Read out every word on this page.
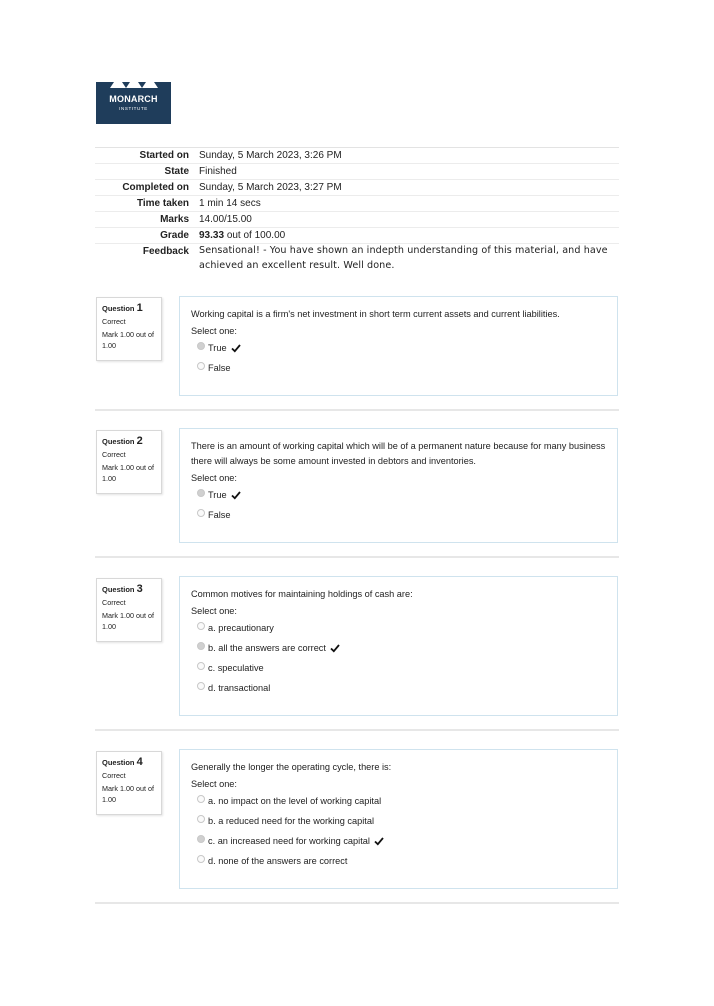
MONARCH
INSTITUTE
Started on	Sunday, 5 March 2023, 3:26 PM
State	Finished
Completed on	Sunday, 5 March 2023, 3:27 PM
Time taken	1 min 14 secs
Marks	14.00/15.00
Grade	93.33 out of 100.00
Feedback	Sensational! - You have shown an indepth understanding of this material, and have
achieved an excellent result. Well done.
Question 1
Correct
Mark 1.00 out of 1.00
Working capital is a firm's net investment in short term current assets and current liabilities.
Select one:
True
False
Question 2
Correct
Mark 1.00 out of 1.00
There is an amount of working capital which will be of a permanent nature because for many business there will always be some amount invested in debtors and inventories.
Select one:
True
False
Question 3
Correct
Mark 1.00 out of 1.00
Common motives for maintaining holdings of cash are:
Select one:
a. precautionary
b. all the answers are correct
c. speculative
d. transactional
Question 4
Correct
Mark 1.00 out of 1.00
Generally the longer the operating cycle, there is:
Select one:
a. no impact on the level of working capital
b. a reduced need for the working capital
c. an increased need for working capital
d. none of the answers are correct
